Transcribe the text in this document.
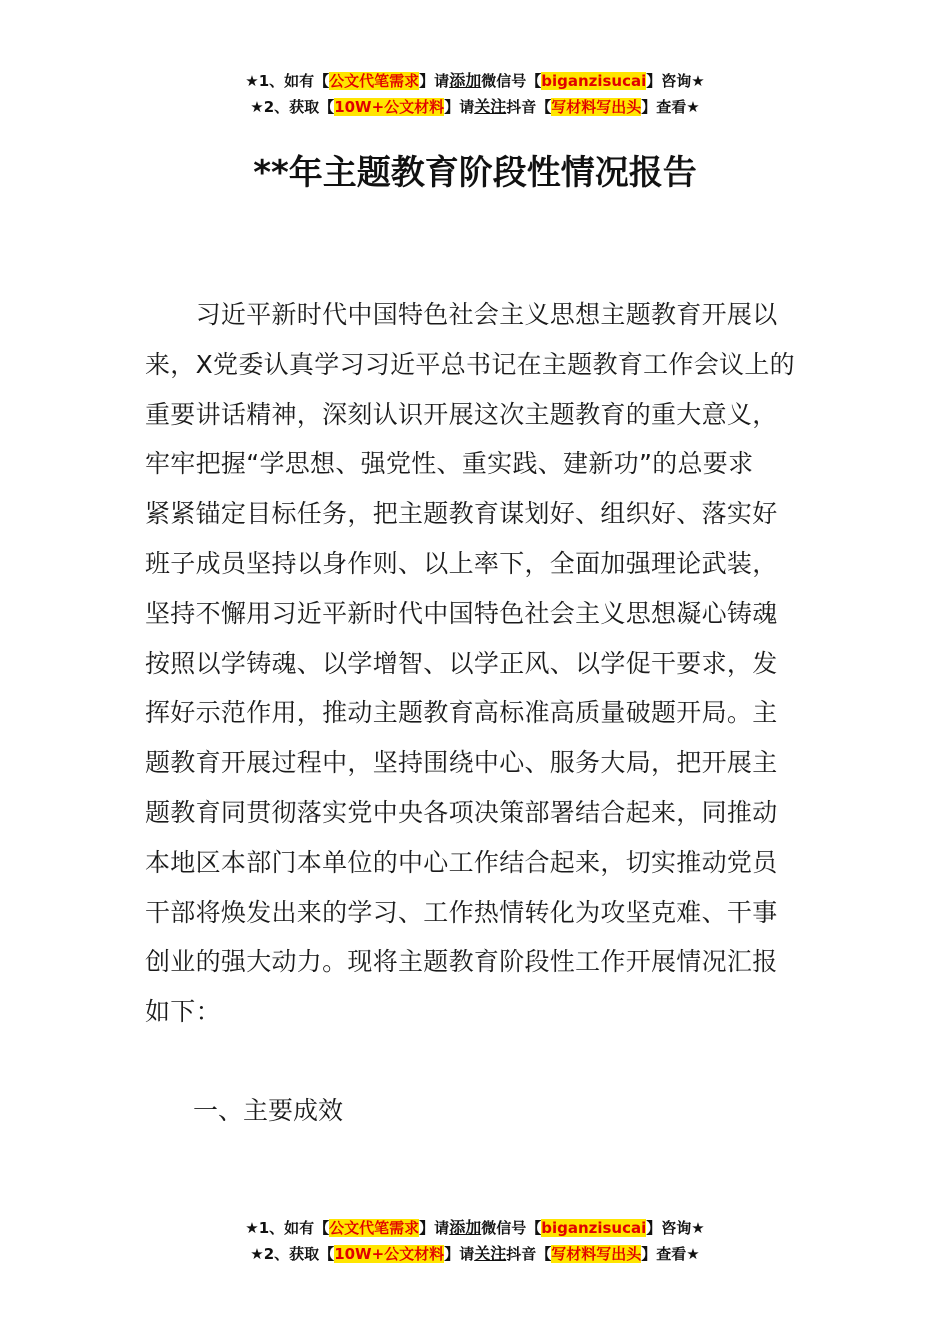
★1、如有【公文代笔需求】请添加微信号【biganzisucai】咨询★
★2、获取【10W+公文材料】请关注抖音【写材料写出头】查看★
**年主题教育阶段性情况报告
　　习近平新时代中国特色社会主义思想主题教育开展以
来，X党委认真学习习近平总书记在主题教育工作会议上的
重要讲话精神，深刻认识开展这次主题教育的重大意义，
牢牢把握“学思想、强党性、重实践、建新功”的总要求
紧紧锚定目标任务，把主题教育谋划好、组织好、落实好
班子成员坚持以身作则、以上率下，全面加强理论武装，
坚持不懈用习近平新时代中国特色社会主义思想凝心铸魂
按照以学铸魂、以学增智、以学正风、以学促干要求，发
挥好示范作用，推动主题教育高标准高质量破题开局。主
题教育开展过程中，坚持围绕中心、服务大局，把开展主
题教育同贯彻落实党中央各项决策部署结合起来，同推动
本地区本部门本单位的中心工作结合起来，切实推动党员
干部将焕发出来的学习、工作热情转化为攻坚克难、干事
创业的强大动力。现将主题教育阶段性工作开展情况汇报
如下：
一、主要成效
★1、如有【公文代笔需求】请添加微信号【biganzisucai】咨询★
★2、获取【10W+公文材料】请关注抖音【写材料写出头】查看★
